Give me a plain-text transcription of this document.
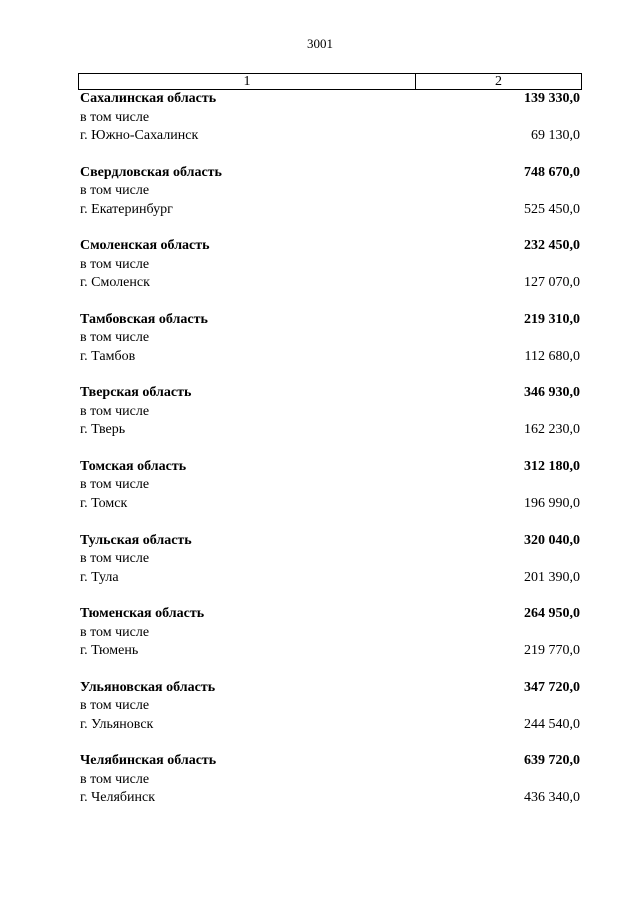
3001
1	2
Сахалинская область	139 330,0
в том числе
г. Южно-Сахалинск	69 130,0
Свердловская область	748 670,0
в том числе
г. Екатеринбург	525 450,0
Смоленская область	232 450,0
в том числе
г. Смоленск	127 070,0
Тамбовская область	219 310,0
в том числе
г. Тамбов	112 680,0
Тверская область	346 930,0
в том числе
г. Тверь	162 230,0
Томская область	312 180,0
в том числе
г. Томск	196 990,0
Тульская область	320 040,0
в том числе
г. Тула	201 390,0
Тюменская область	264 950,0
в том числе
г. Тюмень	219 770,0
Ульяновская область	347 720,0
в том числе
г. Ульяновск	244 540,0
Челябинская область	639 720,0
в том числе
г. Челябинск	436 340,0
